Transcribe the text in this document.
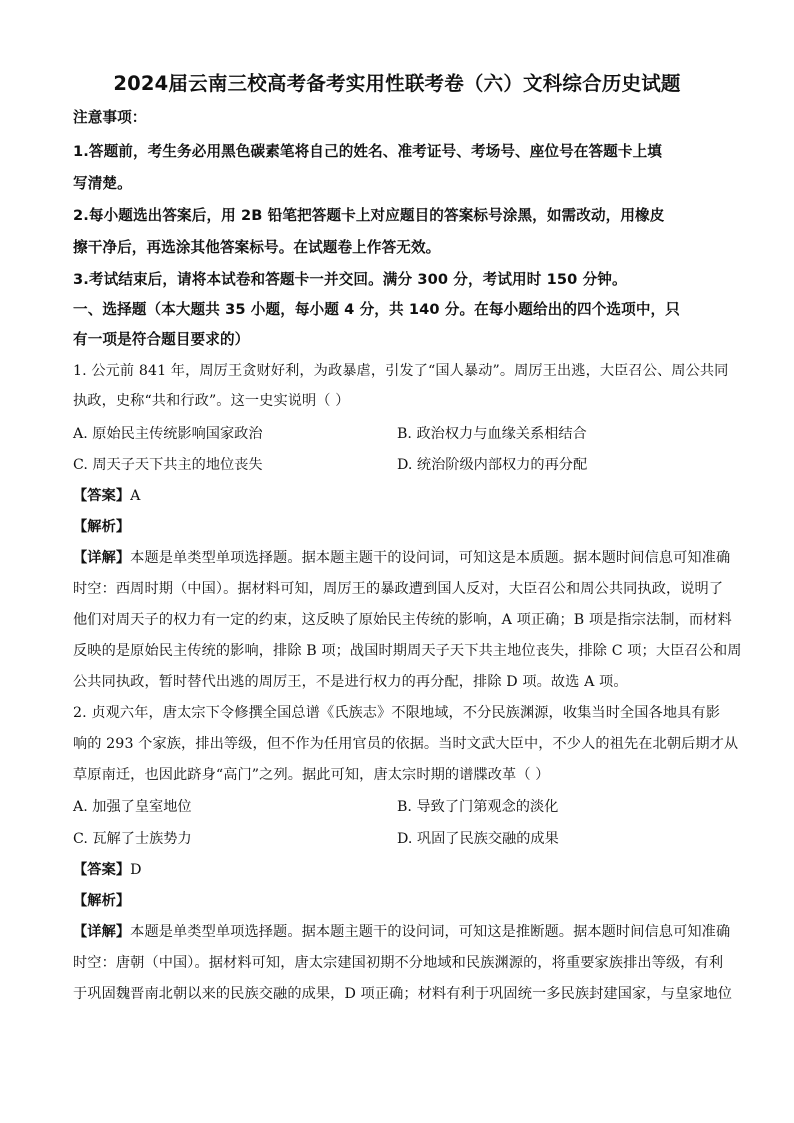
2024届云南三校高考备考实用性联考卷（六）文科综合历史试题
注意事项：
1.答题前，考生务必用黑色碳素笔将自己的姓名、准考证号、考场号、座位号在答题卡上填
写清楚。
2.每小题选出答案后，用 2B 铅笔把答题卡上对应题目的答案标号涂黑，如需改动，用橡皮
擦干净后，再选涂其他答案标号。在试题卷上作答无效。
3.考试结束后，请将本试卷和答题卡一并交回。满分 300 分，考试用时 150 分钟。
一、选择题（本大题共 35 小题，每小题 4 分，共 140 分。在每小题给出的四个选项中，只
有一项是符合题目要求的）
1. 公元前 841 年，周厉王贪财好利，为政暴虐，引发了“国人暴动”。周厉王出逃，大臣召公、周公共同
执政，史称“共和行政”。这一史实说明（ ）
A. 原始民主传统影响国家政治	B. 政治权力与血缘关系相结合
C. 周天子天下共主的地位丧失	D. 统治阶级内部权力的再分配
【答案】A
【解析】
【详解】本题是单类型单项选择题。据本题主题干的设问词，可知这是本质题。据本题时间信息可知准确
时空：西周时期（中国）。据材料可知，周厉王的暴政遭到国人反对，大臣召公和周公共同执政，说明了
他们对周天子的权力有一定的约束，这反映了原始民主传统的影响，A 项正确；B 项是指宗法制，而材料
反映的是原始民主传统的影响，排除 B 项；战国时期周天子天下共主地位丧失，排除 C 项；大臣召公和周
公共同执政，暂时替代出逃的周厉王，不是进行权力的再分配，排除 D 项。故选 A 项。
2. 贞观六年，唐太宗下令修撰全国总谱《氏族志》不限地域，不分民族渊源，收集当时全国各地具有影
响的 293 个家族，排出等级，但不作为任用官员的依据。当时文武大臣中，不少人的祖先在北朝后期才从
草原南迁，也因此跻身“高门”之列。据此可知，唐太宗时期的谱牒改革（ ）
A. 加强了皇室地位	B. 导致了门第观念的淡化
C. 瓦解了士族势力	D. 巩固了民族交融的成果
【答案】D
【解析】
【详解】本题是单类型单项选择题。据本题主题干的设问词，可知这是推断题。据本题时间信息可知准确
时空：唐朝（中国）。据材料可知，唐太宗建国初期不分地域和民族渊源的，将重要家族排出等级，有利
于巩固魏晋南北朝以来的民族交融的成果，D 项正确；材料有利于巩固统一多民族封建国家，与皇家地位
